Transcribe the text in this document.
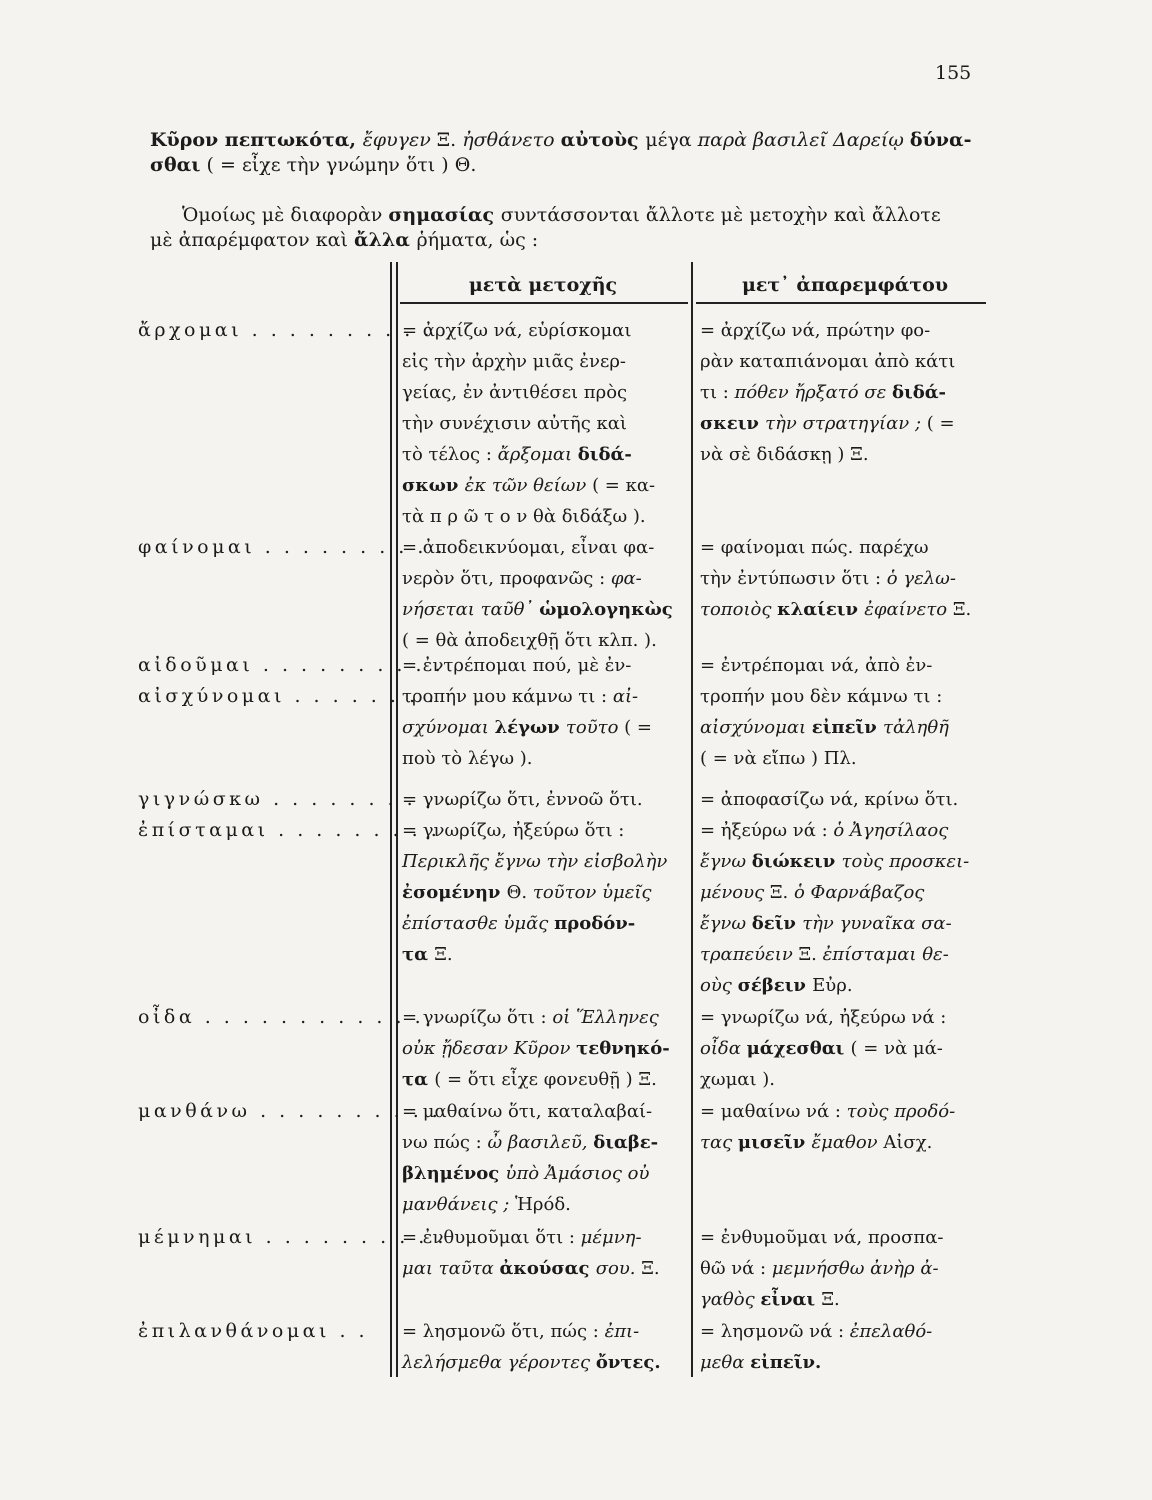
155
Κῦρον πεπτωκότα, ἔφυγεν Ξ. ἠσθάνετο αὐτοὺς μέγα παρὰ βασιλεῖ Δαρείῳ δύνα-
σθαι ( = εἶχε τὴν γνώμην ὅτι ) Θ.
Ὁμοίως μὲ διαφορὰν σημασίας συντάσσονται ἄλλοτε μὲ μετοχὴν καὶ ἄλλοτε
μὲ ἀπαρέμφατον καὶ ἄλλα ῥήματα, ὡς :
μετὰ μετοχῆς	μετ᾽ ἀπαρεμφάτου
ἄρχομαι . . . . . . . . . .
= ἀρχίζω νά, εὑρίσκομαι
εἰς τὴν ἀρχὴν μιᾶς ἐνερ-
γείας, ἐν ἀντιθέσει πρὸς
τὴν συνέχισιν αὐτῆς καὶ
τὸ τέλος : ἄρξομαι διδά-
σκων ἐκ τῶν θείων ( = κα-
τὰ π ρ ῶ τ ο ν θὰ διδάξω ).
= ἀρχίζω νά, πρώτην φο-
ρὰν καταπιάνομαι ἀπὸ κάτι
τι : πόθεν ἤρξατό σε διδά-
σκειν τὴν στρατηγίαν ; ( =
νὰ σὲ διδάσκῃ ) Ξ.
φαίνομαι . . . . . . . . . .
= ἀποδεικνύομαι, εἶναι φα-
νερὸν ὅτι, προφανῶς : φα-
νήσεται ταῦθ᾽ ὡμολογηκὼς
( = θὰ ἀποδειχθῇ ὅτι κλπ. ).
= φαίνομαι πώς. παρέχω
τὴν ἐντύπωσιν ὅτι : ὁ γελω-
τοποιὸς κλαίειν ἐφαίνετο Ξ.
αἰδοῦμαι . . . . . . . . . .
αἰσχύνομαι . . . . . . . .
= ἐντρέπομαι πού, μὲ ἐν-
τροπήν μου κάμνω τι : αἰ-
σχύνομαι λέγων τοῦτο ( =
ποὺ τὸ λέγω ).
= ἐντρέπομαι νά, ἀπὸ ἐν-
τροπήν μου δὲν κάμνω τι :
αἰσχύνομαι εἰπεῖν τἀληθῆ
( = νὰ εἴπω ) Πλ.
γιγνώσκω . . . . . . . . . .
ἐπίσταμαι . . . . . . . . .
= γνωρίζω ὅτι, ἐννοῶ ὅτι.
= γνωρίζω, ἠξεύρω ὅτι :
Περικλῆς ἔγνω τὴν εἰσβολὴν
ἐσομένην Θ. τοῦτον ὑμεῖς
ἐπίστασθε ὑμᾶς προδόν-
τα Ξ.
= ἀποφασίζω νά, κρίνω ὅτι.
= ἠξεύρω νά : ὁ Ἀγησίλαος
ἔγνω διώκειν τοὺς προσκει-
μένους Ξ. ὁ Φαρνάβαζος
ἔγνω δεῖν τὴν γυναῖκα σα-
τραπεύειν Ξ. ἐπίσταμαι θε-
οὺς σέβειν Εὐρ.
οἶδα . . . . . . . . . . . . .
= γνωρίζω ὅτι : οἱ Ἕλληνες
οὐκ ᾔδεσαν Κῦρον τεθνηκό-
τα ( = ὅτι εἶχε φονευθῇ ) Ξ.
= γνωρίζω νά, ἠξεύρω νά :
οἶδα μάχεσθαι ( = νὰ μά-
χωμαι ).
μανθάνω . . . . . . . . . .
= μαθαίνω ὅτι, καταλαβαί-
νω πώς : ὦ βασιλεῦ, διαβε-
βλημένος ὑπὸ Ἀμάσιος οὐ
μανθάνεις ; Ἡρόδ.
= μαθαίνω νά : τοὺς προδό-
τας μισεῖν ἔμαθον Αἰσχ.
μέμνημαι . . . . . . . . . .
= ἐνθυμοῦμαι ὅτι : μέμνη-
μαι ταῦτα ἀκούσας σου. Ξ.
= ἐνθυμοῦμαι νά, προσπα-
θῶ νά : μεμνήσθω ἀνὴρ ἀ-
γαθὸς εἶναι Ξ.
ἐπιλανθάνομαι . .	= λησμονῶ ὅτι, πώς : ἐπι-
λελήσμεθα γέροντες ὄντες.
= λησμονῶ νά : ἐπελαθό-
μεθα εἰπεῖν.
